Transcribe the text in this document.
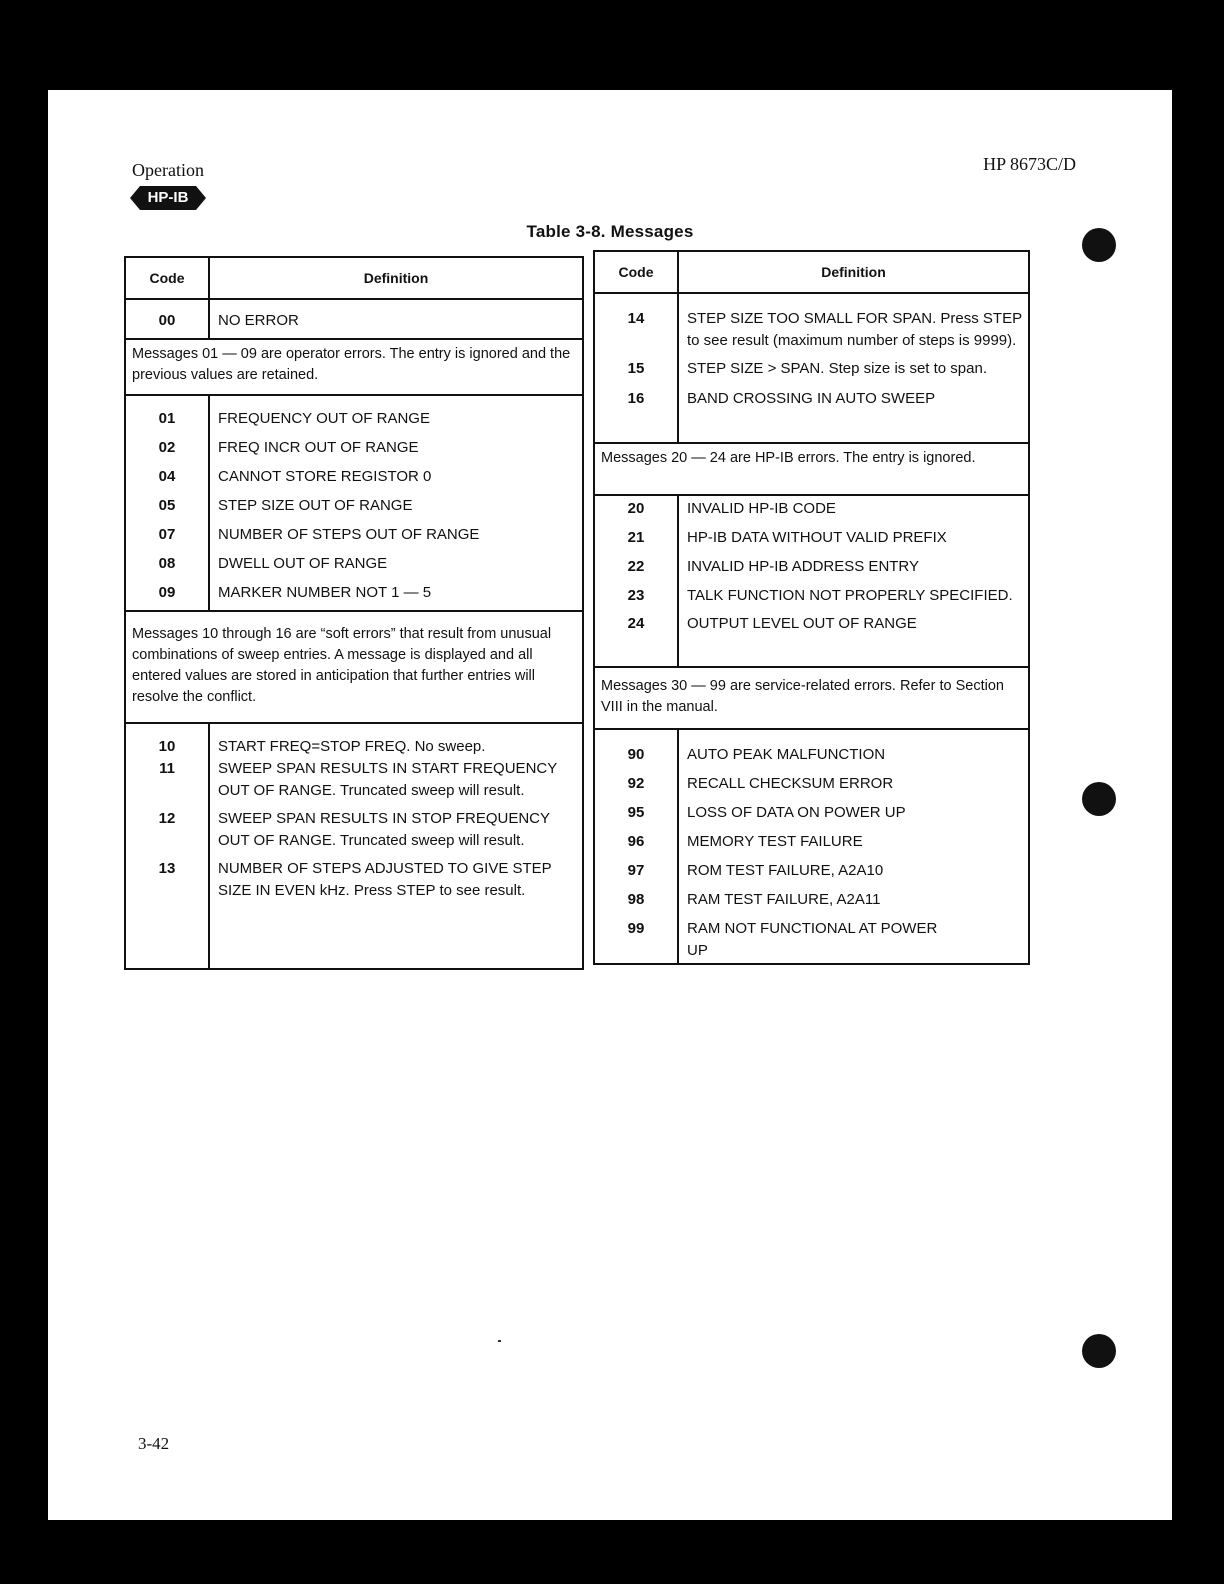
Operation	HP 8673C/D
HP-IB
Table 3-8. Messages
Code	Definition
00	NO ERROR
Messages 01 — 09 are operator errors. The entry is ignored and the previous values are retained.
01	FREQUENCY OUT OF RANGE
02	FREQ INCR OUT OF RANGE
04	CANNOT STORE REGISTOR 0
05	STEP SIZE OUT OF RANGE
07	NUMBER OF STEPS OUT OF RANGE
08	DWELL OUT OF RANGE
09	MARKER NUMBER NOT 1 — 5
Messages 10 through 16 are “soft errors” that result from unusual combinations of sweep entries. A message is displayed and all entered values are stored in anticipation that further entries will resolve the conflict.
10	START FREQ=STOP FREQ. No sweep.
11	SWEEP SPAN RESULTS IN START FREQUENCY OUT OF RANGE. Truncated sweep will result.
12	SWEEP SPAN RESULTS IN STOP FREQUENCY OUT OF RANGE. Truncated sweep will result.
13	NUMBER OF STEPS ADJUSTED TO GIVE STEP SIZE IN EVEN kHz. Press STEP to see result.
Code	Definition
14	STEP SIZE TOO SMALL FOR SPAN. Press STEP to see result (maximum number of steps is 9999).
15	STEP SIZE > SPAN. Step size is set to span.
16	BAND CROSSING IN AUTO SWEEP
Messages 20 — 24 are HP-IB errors. The entry is ignored.
20	INVALID HP-IB CODE
21	HP-IB DATA WITHOUT VALID PREFIX
22	INVALID HP-IB ADDRESS ENTRY
23	TALK FUNCTION NOT PROPERLY SPECIFIED.
24	OUTPUT LEVEL OUT OF RANGE
Messages 30 — 99 are service-related errors. Refer to Section VIII in the manual.
90	AUTO PEAK MALFUNCTION
92	RECALL CHECKSUM ERROR
95	LOSS OF DATA ON POWER UP
96	MEMORY TEST FAILURE
97	ROM TEST FAILURE, A2A10
98	RAM TEST FAILURE, A2A11
99	RAM NOT FUNCTIONAL AT POWER UP
3-42
